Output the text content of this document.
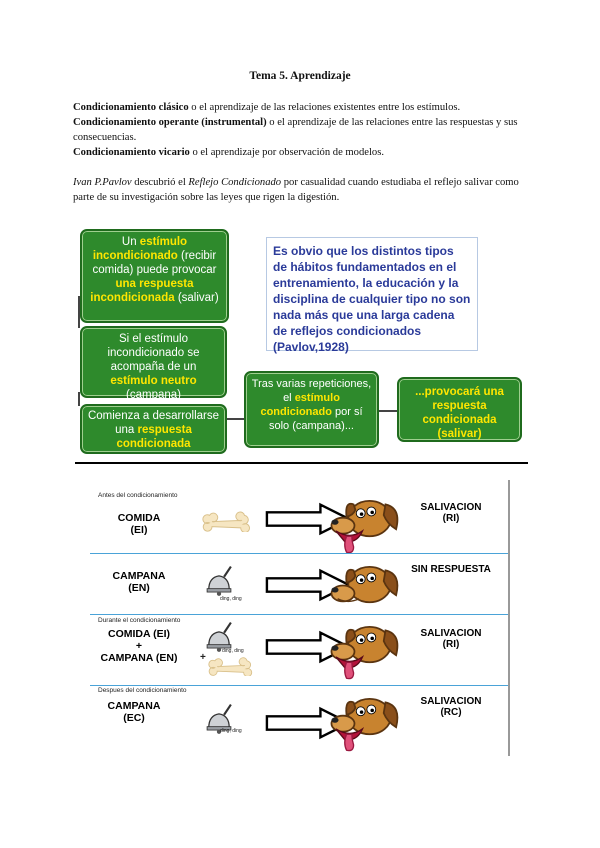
Tema 5. Aprendizaje
Condicionamiento clásico o el aprendizaje de las relaciones existentes entre los estímulos.
Condicionamiento operante (instrumental) o el aprendizaje de las relaciones entre las respuestas y sus consecuencias.
Condicionamiento vicario o el aprendizaje por observación de modelos.
Ivan P.Pavlov descubrió el Reflejo Condicionado por casualidad cuando estudiaba el reflejo salivar como parte de su investigación sobre las leyes que rigen la digestión.
Un estímulo incondicionado (recibir comida) puede provocar una respuesta incondicionada (salivar)
Si el estímulo incondicionado se acompaña de un estímulo neutro (campana)
Comienza a desarrollarse una respuesta condicionada
Tras varias repeticiones, el estímulo condicionado por sí solo (campana)...
...provocará una respuesta condicionada (salivar)
Es obvio que los distintos tipos de hábitos fundamentados en el entrenamiento, la educación y la disciplina de cualquier tipo no son nada más que una larga cadena de reflejos condicionados (Pavlov,1928)
Antes del condicionamiento
COMIDA
(EI)
SALIVACION
(RI)
CAMPANA
(EN)
ding, ding
SIN RESPUESTA
Durante el condicionamiento
COMIDA (EI)
+
CAMPANA (EN)
ding, ding
+
SALIVACION
(RI)
Despues del condicionamiento
CAMPANA
(EC)
ding, ding
SALIVACION
(RC)
